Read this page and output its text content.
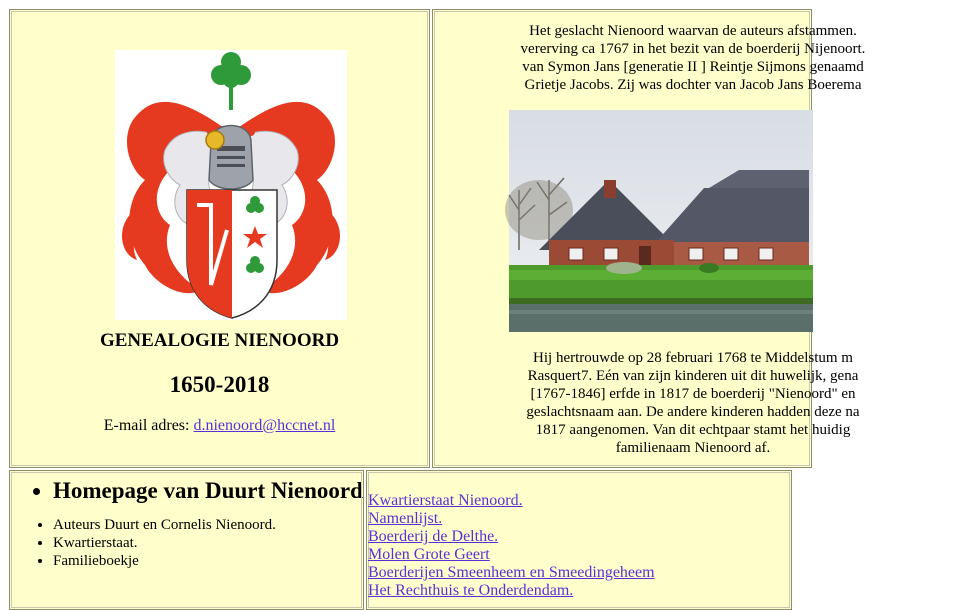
GENEALOGIE NIENOORD
1650-2018
E-mail adres: d.nienoord@hccnet.nl
Het geslacht Nienoord waarvan de auteurs afstammen.
vererving ca 1767 in het bezit van de boerderij Nijenoort.
van Symon Jans [generatie II ] Reintje Sijmons genaamd
Grietje Jacobs. Zij was dochter van Jacob Jans Boerema
Hij hertrouwde op 28 februari 1768 te Middelstum m
Rasquert7. Eén van zijn kinderen uit dit huwelijk, gena
[1767-1846] erfde in 1817 de boerderij "Nienoord" en
geslachtsnaam aan. De andere kinderen hadden deze na
1817 aangenomen. Van dit echtpaar stamt het huidig
familienaam Nienoord af.
• Homepage van Duurt Nienoord
• Auteurs Duurt en Cornelis Nienoord.
• Kwartierstaat.
• Familieboekje
Kwartierstaat Nienoord.
Namenlijst.
Boerderij de Delthe.
Molen Grote Geert
Boerderijen Smeenheem en Smeedingeheem
Het Rechthuis te Onderdendam.
